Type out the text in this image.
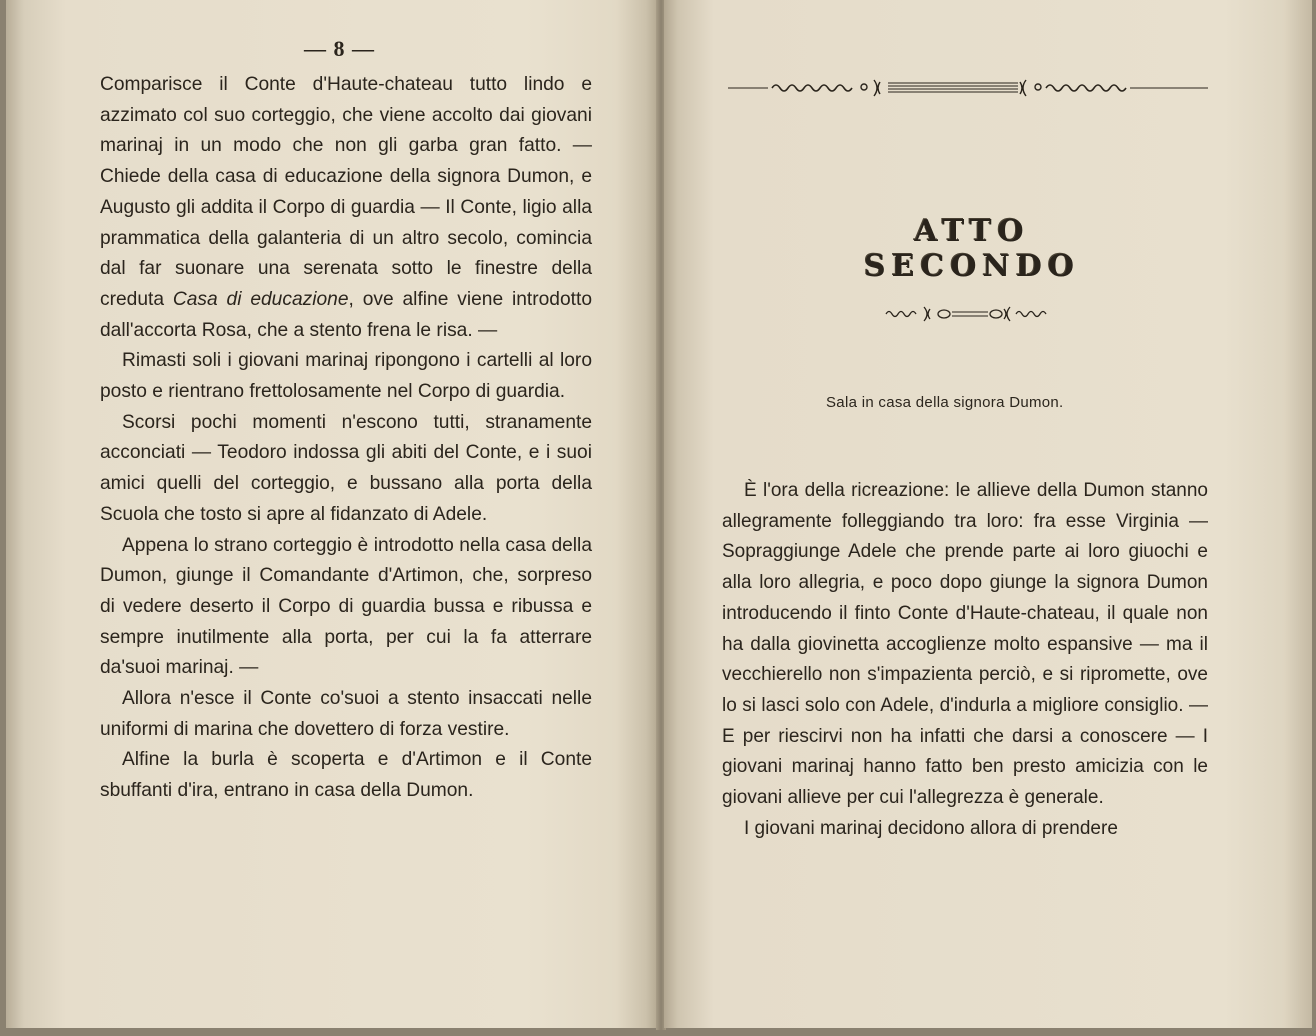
— 8 —

Comparisce il Conte d'Haute-chateau tutto lindo e azzimato col suo corteggio, che viene accolto dai giovani marinaj in un modo che non gli garba gran fatto. — Chiede della casa di educazione della signora Dumon, e Augusto gli addita il Corpo di guardia — Il Conte, ligio alla prammatica della galanteria di un altro secolo, comincia dal far suonare una serenata sotto le finestre della creduta Casa di educazione, ove alfine viene introdotto dall'accorta Rosa, che a stento frena le risa. —

Rimasti soli i giovani marinaj ripongono i cartelli al loro posto e rientrano frettolosamente nel Corpo di guardia.

Scorsi pochi momenti n'escono tutti, stranamente acconciati — Teodoro indossa gli abiti del Conte, e i suoi amici quelli del corteggio, e bussano alla porta della Scuola che tosto si apre al fidanzato di Adele.

Appena lo strano corteggio è introdotto nella casa della Dumon, giunge il Comandante d'Artimon, che, sorpreso di vedere deserto il Corpo di guardia bussa e ribussa e sempre inutilmente alla porta, per cui la fa atterrare da'suoi marinaj. —

Allora n'esce il Conte co'suoi a stento insaccati nelle uniformi di marina che dovettero di forza vestire.

Alfine la burla è scoperta e d'Artimon e il Conte sbuffanti d'ira, entrano in casa della Dumon.

ATTO SECONDO
Sala in casa della signora Dumon.

È l'ora della ricreazione: le allieve della Dumon stanno allegramente folleggiando tra loro: fra esse Virginia — Sopraggiunge Adele che prende parte ai loro giuochi e alla loro allegria, e poco dopo giunge la signora Dumon introducendo il finto Conte d'Haute-chateau, il quale non ha dalla giovinetta accoglienze molto espansive — ma il vecchierello non s'impazienta perciò, e si ripromette, ove lo si lasci solo con Adele, d'indurla a migliore consiglio. — E per riescirvi non ha infatti che darsi a conoscere — I giovani marinaj hanno fatto ben presto amicizia con le giovani allieve per cui l'allegrezza è generale.

I giovani marinaj decidono allora di prendere
